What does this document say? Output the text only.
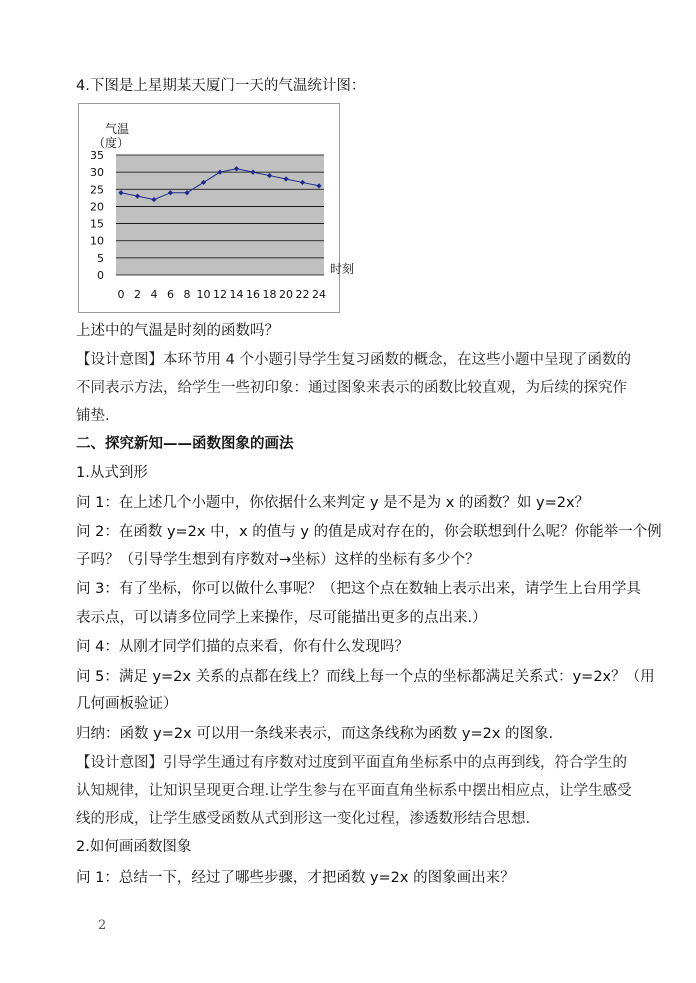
4.下图是上星期某天厦门一天的气温统计图：
0
5
10
15
20
25
30
35
0 2 4 6 8 10 12 14 16 18 20 22 24
气温
（度）
时刻
上述中的气温是时刻的函数吗？
【设计意图】本环节用 4 个小题引导学生复习函数的概念，在这些小题中呈现了函数的
不同表示方法，给学生一些初印象：通过图象来表示的函数比较直观，为后续的探究作
铺垫.
二、探究新知——函数图象的画法
1.从式到形
问 1：在上述几个小题中，你依据什么来判定 y 是不是为 x 的函数？如 y=2x？
问 2：在函数 y=2x 中，x 的值与 y 的值是成对存在的，你会联想到什么呢？你能举一个例
子吗？（引导学生想到有序数对→坐标）这样的坐标有多少个？
问 3：有了坐标，你可以做什么事呢？（把这个点在数轴上表示出来，请学生上台用学具
表示点，可以请多位同学上来操作，尽可能描出更多的点出来.）
问 4：从刚才同学们描的点来看，你有什么发现吗？
问 5：满足 y=2x 关系的点都在线上？而线上每一个点的坐标都满足关系式：y=2x？（用
几何画板验证）
归纳：函数 y=2x 可以用一条线来表示，而这条线称为函数 y=2x 的图象.
【设计意图】引导学生通过有序数对过度到平面直角坐标系中的点再到线，符合学生的
认知规律，让知识呈现更合理.让学生参与在平面直角坐标系中摆出相应点，让学生感受
线的形成，让学生感受函数从式到形这一变化过程，渗透数形结合思想.
2.如何画函数图象
问 1：总结一下，经过了哪些步骤，才把函数 y=2x 的图象画出来？
2
